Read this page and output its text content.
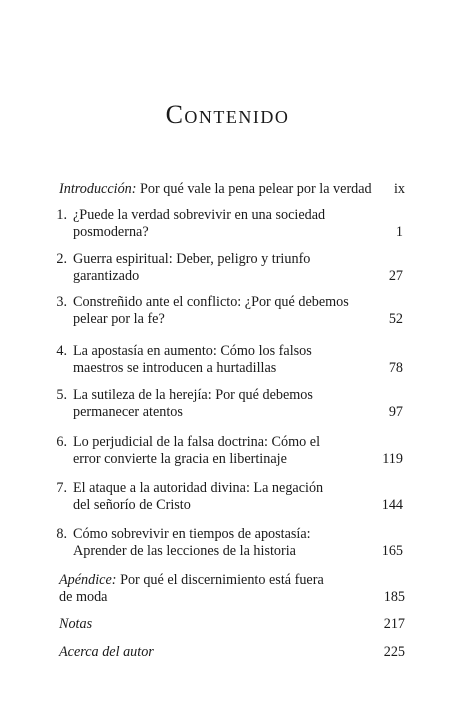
Contenido
Introducción: Por qué vale la pena pelear por la verdad	ix
1. ¿Puede la verdad sobrevivir en una sociedad
posmoderna?	1
2. Guerra espiritual: Deber, peligro y triunfo
garantizado	27
3. Constreñido ante el conflicto: ¿Por qué debemos
pelear por la fe?	52
4. La apostasía en aumento: Cómo los falsos
maestros se introducen a hurtadillas	78
5. La sutileza de la herejía: Por qué debemos
permanecer atentos	97
6. Lo perjudicial de la falsa doctrina: Cómo el
error convierte la gracia en libertinaje	119
7. El ataque a la autoridad divina: La negación
del señorío de Cristo	144
8. Cómo sobrevivir en tiempos de apostasía:
Aprender de las lecciones de la historia	165
Apéndice: Por qué el discernimiento está fuera
de moda	185
Notas	217
Acerca del autor	225
